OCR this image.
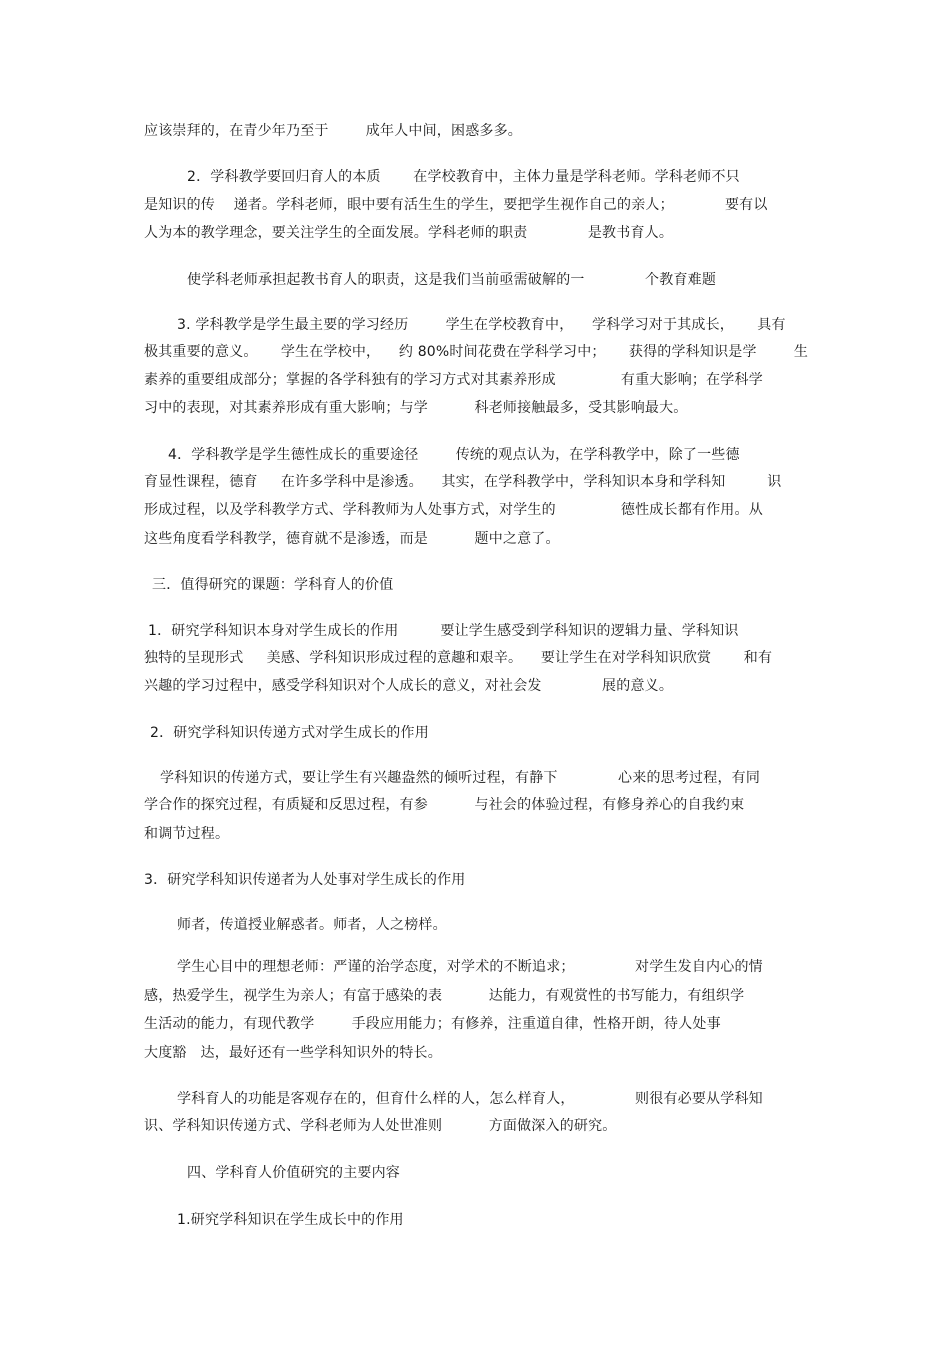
应该崇拜的，在青少年乃至于        成年人中间，困惑多多。
2．学科教学要回归育人的本质       在学校教育中，主体力量是学科老师。学科老师不只
是知识的传    递者。学科老师，眼中要有活生生的学生，要把学生视作自己的亲人；           要有以
人为本的教学理念，要关注学生的全面发展。学科老师的职责             是教书育人。
使学科老师承担起教书育人的职责，这是我们当前亟需破解的一             个教育难题
3. 学科教学是学生最主要的学习经历        学生在学校教育中，    学科学习对于其成长，     具有
极其重要的意义。     学生在学校中，    约 80%时间花费在学科学习中；     获得的学科知识是学        生
素养的重要组成部分；掌握的各学科独有的学习方式对其素养形成              有重大影响；在学科学
习中的表现，对其素养形成有重大影响；与学          科老师接触最多，受其影响最大。
4．学科教学是学生德性成长的重要途径        传统的观点认为，在学科教学中，除了一些德
育显性课程，德育     在许多学科中是渗透。    其实，在学科教学中，学科知识本身和学科知         识
形成过程，以及学科教学方式、学科教师为人处事方式，对学生的              德性成长都有作用。从
这些角度看学科教学，德育就不是渗透，而是          题中之意了。
三．值得研究的课题：学科育人的价值
1．研究学科知识本身对学生成长的作用         要让学生感受到学科知识的逻辑力量、学科知识
独特的呈现形式     美感、学科知识形成过程的意趣和艰辛。    要让学生在对学科知识欣赏       和有
兴趣的学习过程中，感受学科知识对个人成长的意义，对社会发             展的意义。
2．研究学科知识传递方式对学生成长的作用
学科知识的传递方式，要让学生有兴趣盎然的倾听过程，有静下             心来的思考过程，有同
学合作的探究过程，有质疑和反思过程，有参          与社会的体验过程，有修身养心的自我约束
和调节过程。
3．研究学科知识传递者为人处事对学生成长的作用
师者，传道授业解惑者。师者，人之榜样。
学生心目中的理想老师：严谨的治学态度，对学术的不断追求；             对学生发自内心的情
感，热爱学生，视学生为亲人；有富于感染的表          达能力，有观赏性的书写能力，有组织学
生活动的能力，有现代教学        手段应用能力；有修养，注重道自律，性格开朗，待人处事
大度豁   达，最好还有一些学科知识外的特长。
学科育人的功能是客观存在的，但育什么样的人，怎么样育人，             则很有必要从学科知
识、学科知识传递方式、学科老师为人处世准则          方面做深入的研究。
四、学科育人价值研究的主要内容
1.研究学科知识在学生成长中的作用
